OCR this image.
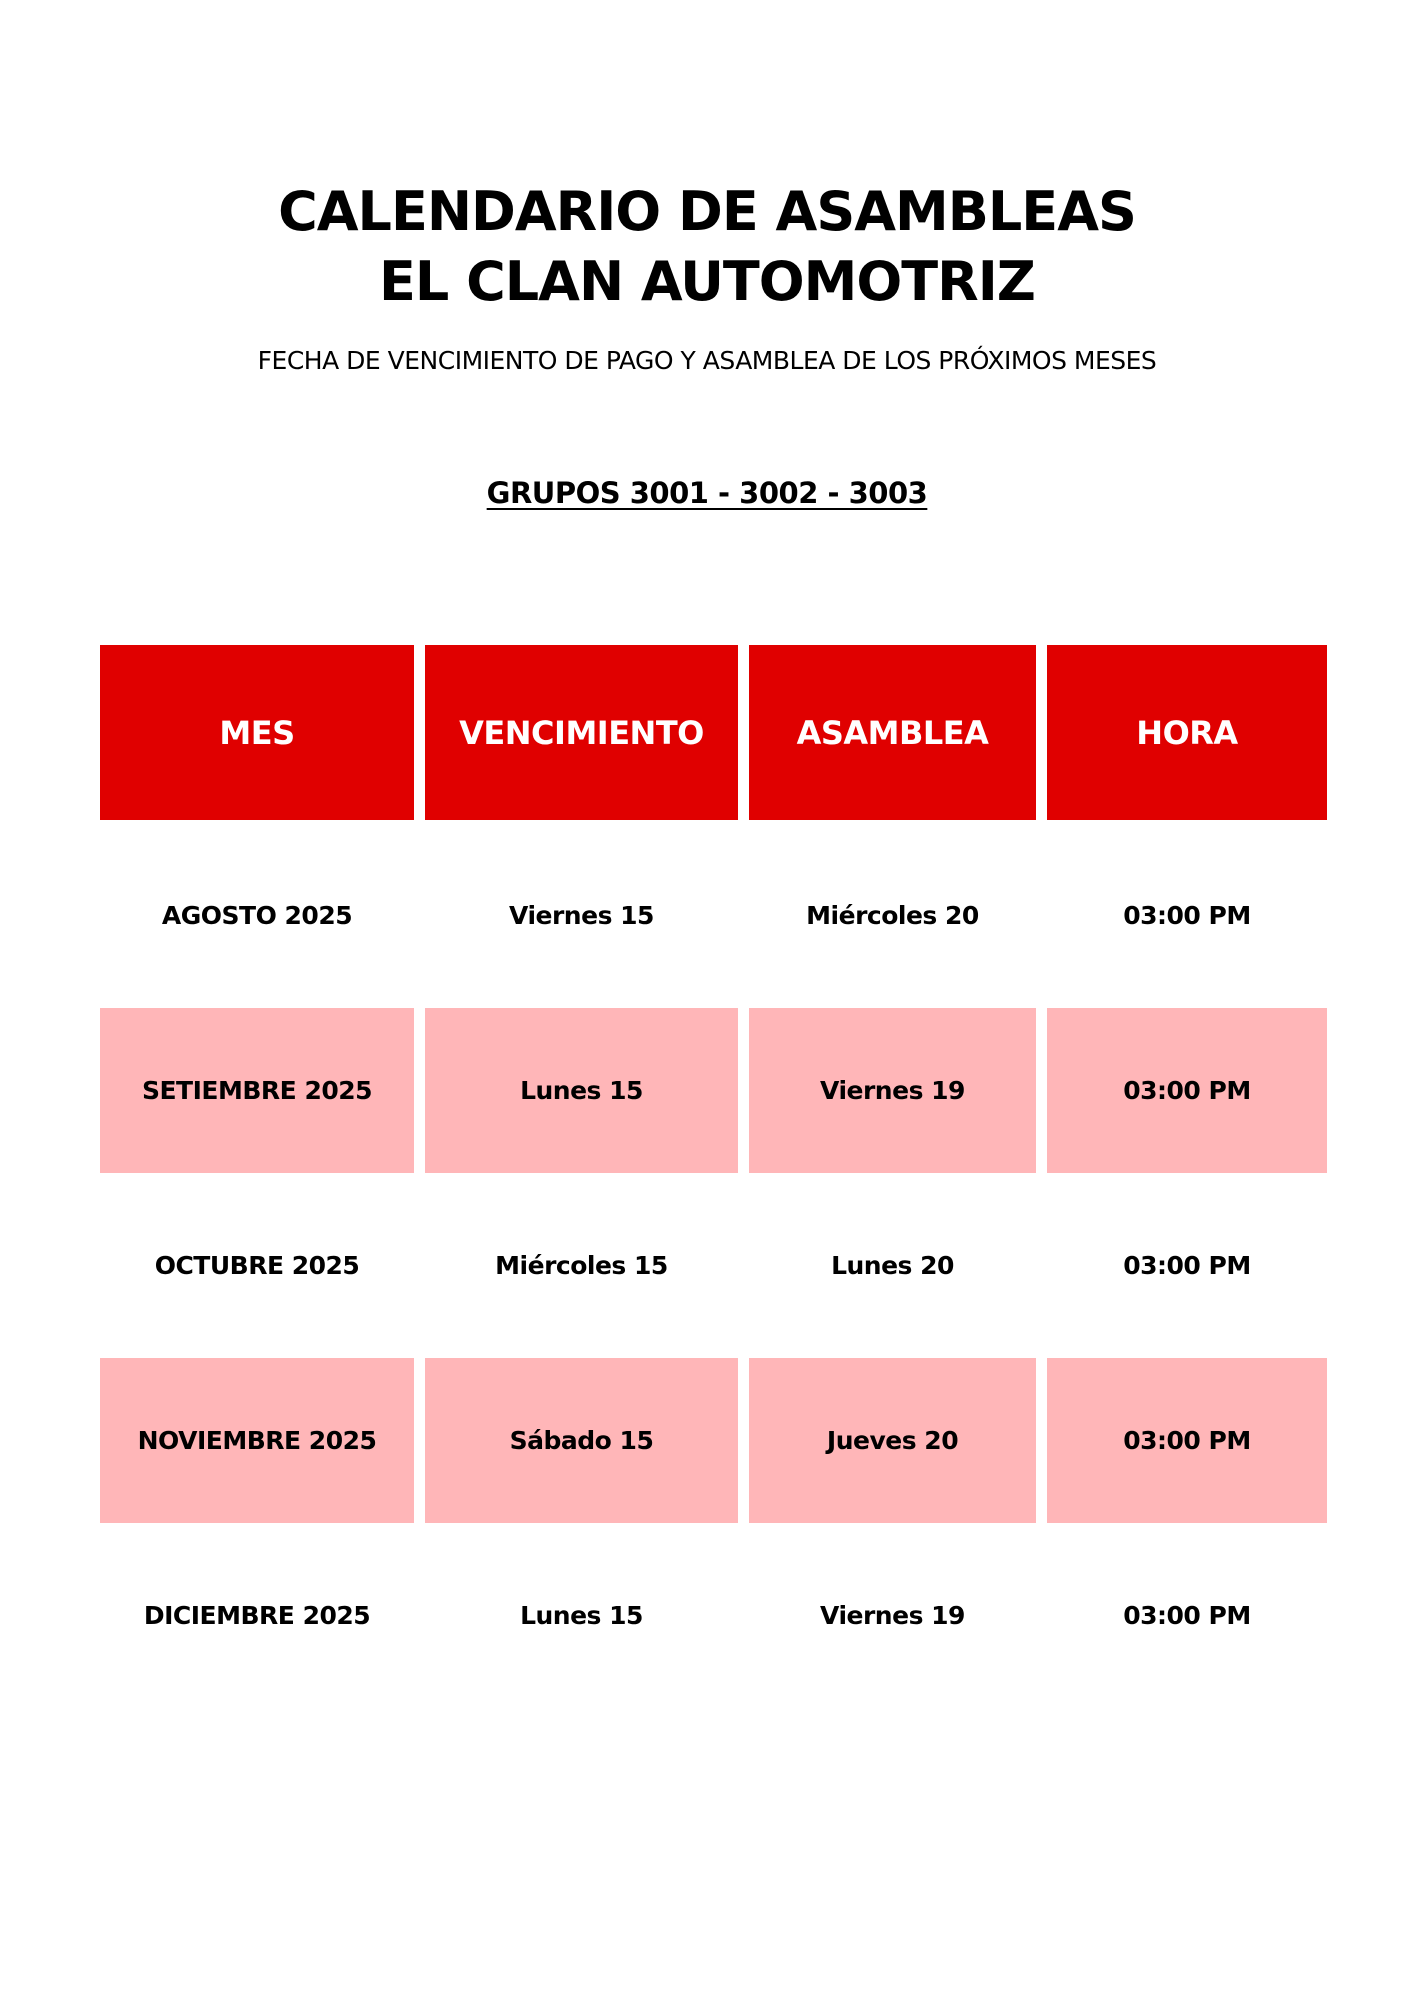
CALENDARIO DE ASAMBLEAS
EL CLAN AUTOMOTRIZ
FECHA DE VENCIMIENTO DE PAGO Y ASAMBLEA DE LOS PRÓXIMOS MESES
GRUPOS 3001 - 3002 - 3003
MES	VENCIMIENTO	ASAMBLEA	HORA
AGOSTO 2025	Viernes 15	Miércoles 20	03:00 PM
SETIEMBRE 2025	Lunes 15	Viernes 19	03:00 PM
OCTUBRE 2025	Miércoles 15	Lunes 20	03:00 PM
NOVIEMBRE 2025	Sábado 15	Jueves 20	03:00 PM
DICIEMBRE 2025	Lunes 15	Viernes 19	03:00 PM
